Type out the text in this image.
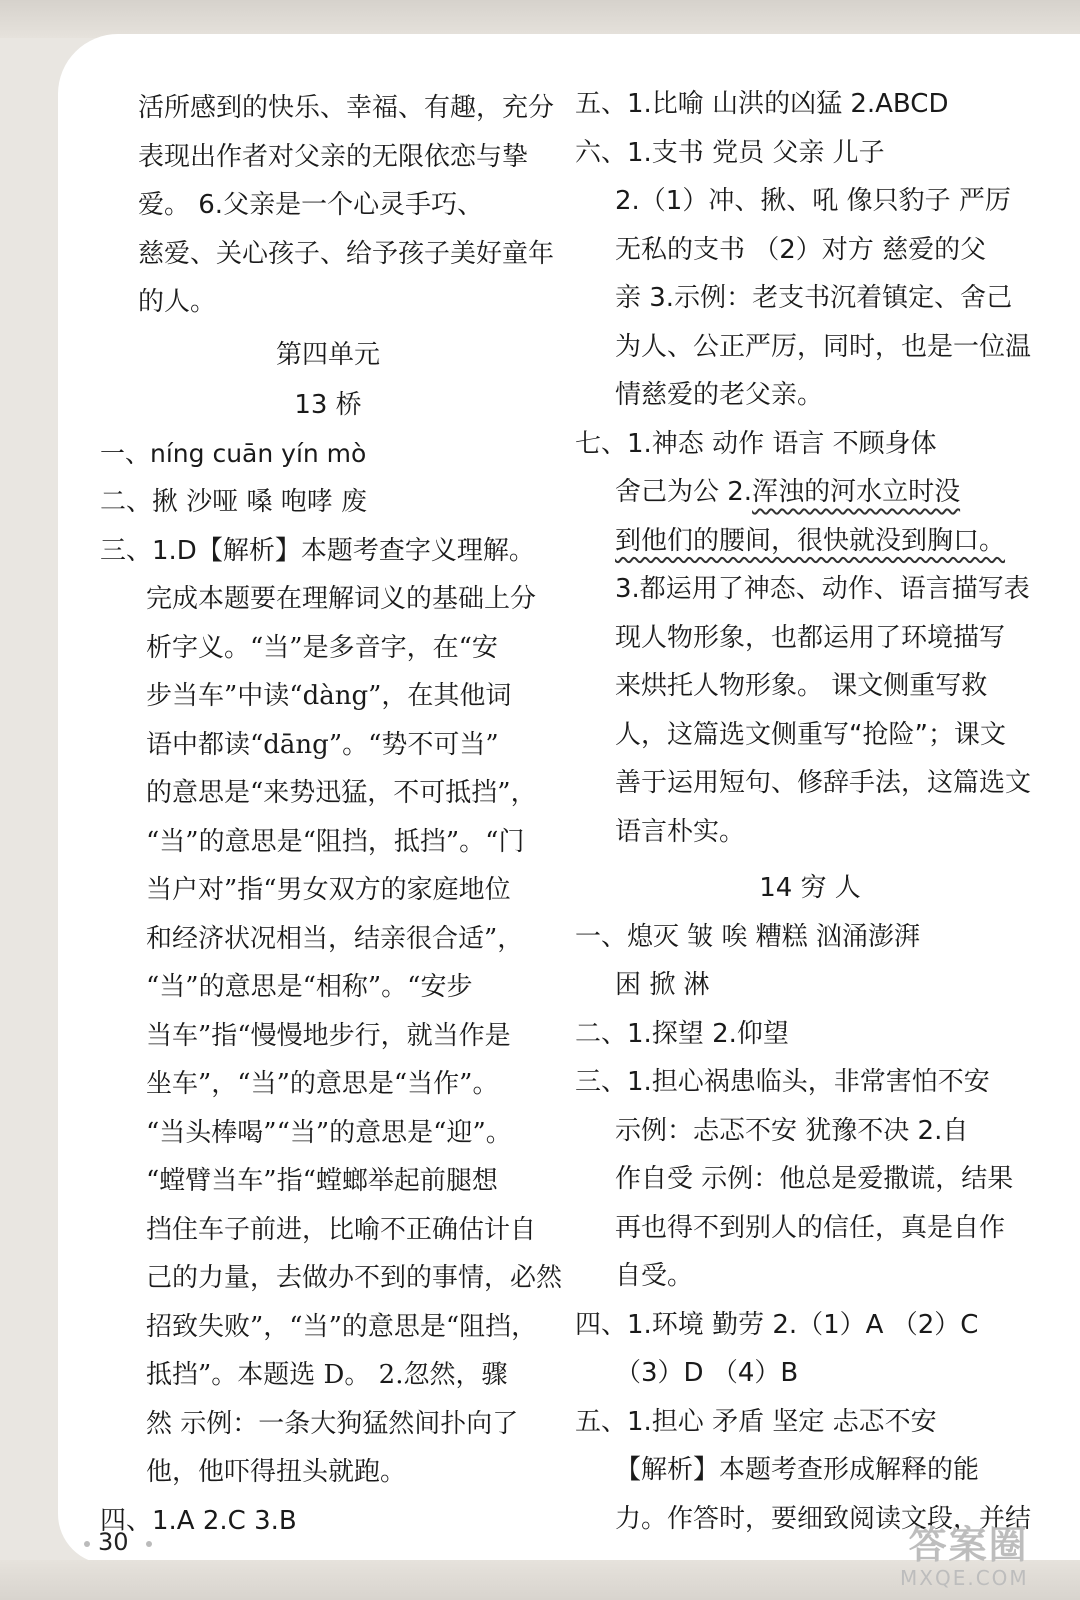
活所感到的快乐、幸福、有趣，充分
表现出作者对父亲的无限依恋与挚
爱。 6.父亲是一个心灵手巧、
慈爱、关心孩子、给予孩子美好童年
的人。
第四单元
13 桥
一、níng cuān yín mò
二、揪 沙哑 嗓 咆哮 废
三、1.D【解析】本题考查字义理解。
完成本题要在理解词义的基础上分
析字义。“当”是多音字，在“安
步当车”中读“dàng”，在其他词
语中都读“dāng”。“势不可当”
的意思是“来势迅猛，不可抵挡”，
“当”的意思是“阻挡，抵挡”。“门
当户对”指“男女双方的家庭地位
和经济状况相当，结亲很合适”，
“当”的意思是“相称”。“安步
当车”指“慢慢地步行，就当作是
坐车”，“当”的意思是“当作”。
“当头棒喝”“当”的意思是“迎”。
“螳臂当车”指“螳螂举起前腿想
挡住车子前进，比喻不正确估计自
己的力量，去做办不到的事情，必然
招致失败”，“当”的意思是“阻挡，
抵挡”。本题选 D。 2.忽然，骤
然 示例：一条大狗猛然间扑向了
他，他吓得扭头就跑。
四、1.A 2.C 3.B
五、1.比喻 山洪的凶猛 2.ABCD
六、1.支书 党员 父亲 儿子
2.（1）冲、揪、吼 像只豹子 严厉
无私的支书 （2）对方 慈爱的父
亲 3.示例：老支书沉着镇定、舍己
为人、公正严厉，同时，也是一位温
情慈爱的老父亲。
七、1.神态 动作 语言 不顾身体
舍己为公 2.浑浊的河水立时没
到他们的腰间，很快就没到胸口。
3.都运用了神态、动作、语言描写表
现人物形象，也都运用了环境描写
来烘托人物形象。 课文侧重写救
人，这篇选文侧重写“抢险”；课文
善于运用短句、修辞手法，这篇选文
语言朴实。
14 穷 人
一、熄灭 皱 唉 糟糕 汹涌澎湃
困 掀 淋
二、1.探望 2.仰望
三、1.担心祸患临头，非常害怕不安
示例：忐忑不安 犹豫不决 2.自
作自受 示例：他总是爱撒谎，结果
再也得不到别人的信任，真是自作
自受。
四、1.环境 勤劳 2.（1）A （2）C
（3）D （4）B
五、1.担心 矛盾 坚定 忐忑不安
【解析】本题考查形成解释的能
力。作答时，要细致阅读文段，并结
30	答案圈
MXQE.COM
